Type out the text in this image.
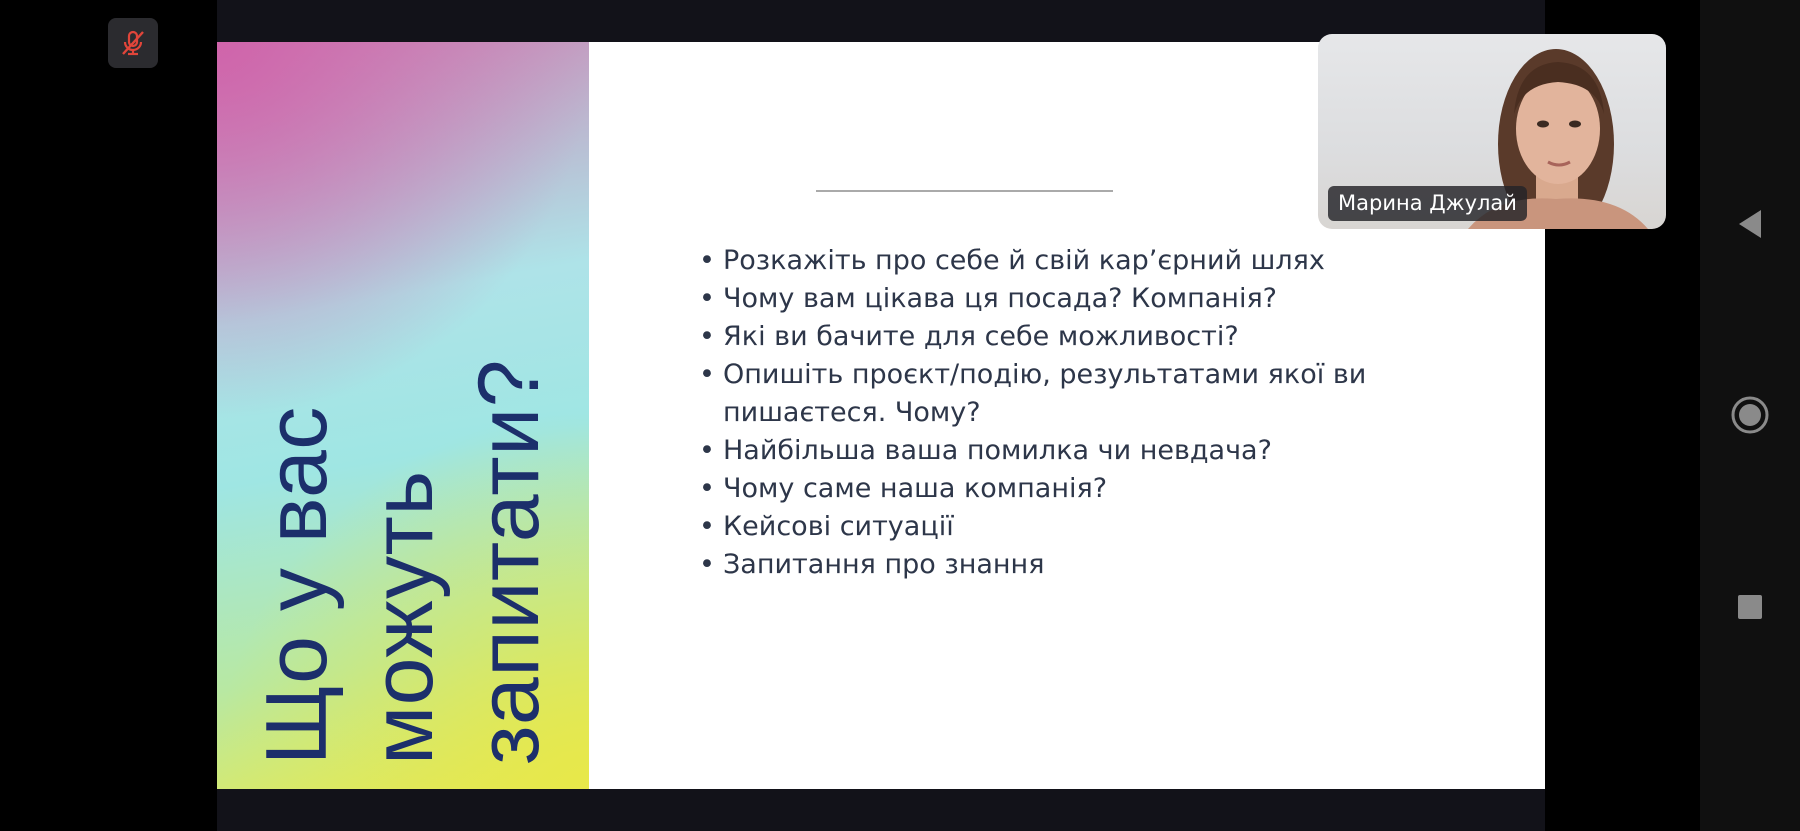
Що у вас
можуть
запитати?
• Розкажіть про себе й свій кар’єрний шлях
• Чому вам цікава ця посада? Компанія?
• Які ви бачите для себе можливості?
• Опишіть проєкт/подію, результатами якої ви пишаєтеся. Чому?
• Найбільша ваша помилка чи невдача?
• Чому саме наша компанія?
• Кейсові ситуації
• Запитання про знання
Марина Джулай
